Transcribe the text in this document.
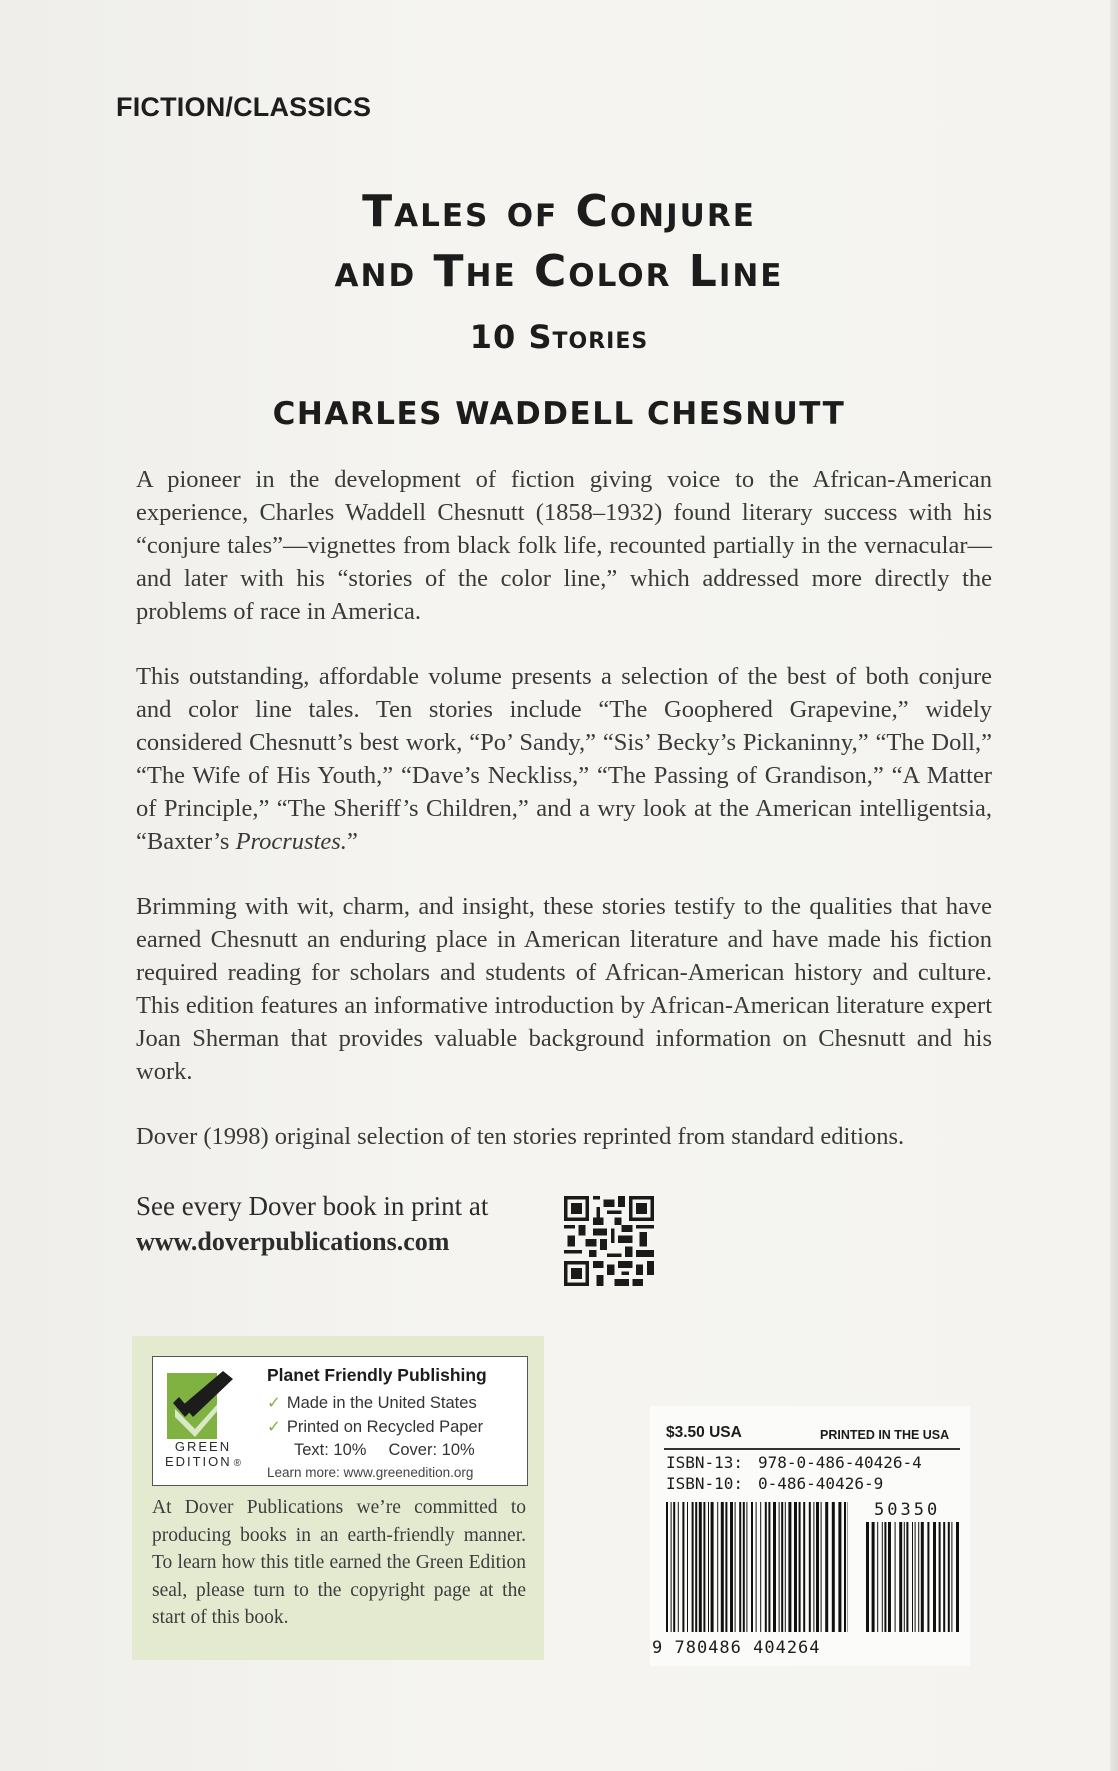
FICTION/CLASSICS
Tales of Conjure
and The Color Line
10 Stories
CHARLES WADDELL CHESNUTT
A pioneer in the development of fiction giving voice to the African-American experience, Charles Waddell Chesnutt (1858–1932) found literary success with his “conjure tales”—vignettes from black folk life, recounted partially in the vernacular—and later with his “stories of the color line,” which addressed more directly the problems of race in America.
This outstanding, affordable volume presents a selection of the best of both conjure and color line tales. Ten stories include “The Goophered Grapevine,” widely considered Chesnutt’s best work, “Po’ Sandy,” “Sis’ Becky’s Pickaninny,” “The Doll,” “The Wife of His Youth,” “Dave’s Neckliss,” “The Passing of Grandison,” “A Matter of Principle,” “The Sheriff’s Children,” and a wry look at the American intelligentsia, “Baxter’s Procrustes.”
Brimming with wit, charm, and insight, these stories testify to the qualities that have earned Chesnutt an enduring place in American literature and have made his fiction required reading for scholars and students of African-American history and culture. This edition features an informative introduction by African-American literature expert Joan Sherman that provides valuable background information on Chesnutt and his work.
Dover (1998) original selection of ten stories reprinted from standard editions.
See every Dover book in print at
www.doverpublications.com
GREEN
EDITION ®
Planet Friendly Publishing
✓ Made in the United States
✓ Printed on Recycled Paper
Text: 10% Cover: 10%
Learn more: www.greenedition.org
At Dover Publications we’re committed to producing books in an earth-friendly manner. To learn how this title earned the Green Edition seal, please turn to the copyright page at the start of this book.
$3.50 USA	PRINTED IN THE USA
ISBN-13: 978-0-486-40426-4
ISBN-10: 0-486-40426-9
50350
9 780486 404264
